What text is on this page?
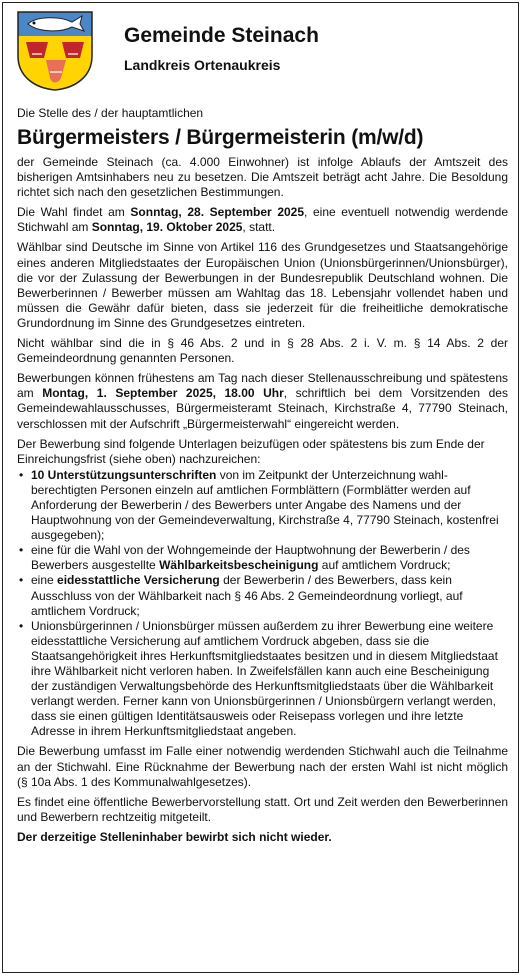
Gemeinde Steinach
Landkreis Ortenaukreis

Die Stelle des / der hauptamtlichen

Bürgermeisters / Bürgermeisterin (m/w/d)

der Gemeinde Steinach (ca. 4.000 Einwohner) ist infolge Ablaufs der Amtszeit des bisherigen Amtsinhabers neu zu besetzen. Die Amtszeit beträgt acht Jahre. Die Besoldung richtet sich nach den gesetzlichen Bestimmungen.

Die Wahl findet am Sonntag, 28. September 2025, eine eventuell notwendig werdende Stichwahl am Sonntag, 19. Oktober 2025, statt.

Wählbar sind Deutsche im Sinne von Artikel 116 des Grundgesetzes und Staatsangehörige eines anderen Mitgliedstaates der Europäischen Union (Unionsbürgerinnen/Unionsbürger), die vor der Zulassung der Bewerbungen in der Bundesrepublik Deutschland wohnen. Die Bewerberinnen / Bewerber müssen am Wahltag das 18. Lebensjahr vollendet haben und müssen die Gewähr dafür bieten, dass sie jederzeit für die freiheitliche demokratische Grundordnung im Sinne des Grundgesetzes eintreten.

Nicht wählbar sind die in § 46 Abs. 2 und in § 28 Abs. 2 i. V. m. § 14 Abs. 2 der Gemeindeordnung genannten Personen.

Bewerbungen können frühestens am Tag nach dieser Stellenausschreibung und spätestens am Montag, 1. September 2025, 18.00 Uhr, schriftlich bei dem Vorsitzenden des Gemeindewahlausschusses, Bürgermeisteramt Steinach, Kirchstraße 4, 77790 Steinach, verschlossen mit der Aufschrift „Bürgermeisterwahl“ eingereicht werden.

Der Bewerbung sind folgende Unterlagen beizufügen oder spätestens bis zum Ende der Einreichungsfrist (siehe oben) nachzureichen:

• 10 Unterstützungsunterschriften von im Zeitpunkt der Unterzeichnung wahlberechtigten Personen einzeln auf amtlichen Formblättern (Formblätter werden auf Anforderung der Bewerberin / des Bewerbers unter Angabe des Namens und der Hauptwohnung von der Gemeindeverwaltung, Kirchstraße 4, 77790 Steinach, kostenfrei ausgegeben);
• eine für die Wahl von der Wohngemeinde der Hauptwohnung der Bewerberin / des Bewerbers ausgestellte Wählbarkeitsbescheinigung auf amtlichem Vordruck;
• eine eidesstattliche Versicherung der Bewerberin / des Bewerbers, dass kein Ausschluss von der Wählbarkeit nach § 46 Abs. 2 Gemeindeordnung vorliegt, auf amtlichem Vordruck;
• Unionsbürgerinnen / Unionsbürger müssen außerdem zu ihrer Bewerbung eine weitere eidesstattliche Versicherung auf amtlichem Vordruck abgeben, dass sie die Staatsangehörigkeit ihres Herkunftsmitgliedstaates besitzen und in diesem Mitgliedstaat ihre Wählbarkeit nicht verloren haben. In Zweifelsfällen kann auch eine Bescheinigung der zuständigen Verwaltungsbehörde des Herkunftsmitgliedstaats über die Wählbarkeit verlangt werden. Ferner kann von Unionsbürgerinnen / Unionsbürgern verlangt werden, dass sie einen gültigen Identitätsausweis oder Reisepass vorlegen und ihre letzte Adresse in ihrem Herkunftsmitgliedstaat angeben.

Die Bewerbung umfasst im Falle einer notwendig werdenden Stichwahl auch die Teilnahme an der Stichwahl. Eine Rücknahme der Bewerbung nach der ersten Wahl ist nicht möglich (§ 10a Abs. 1 des Kommunalwahlgesetzes).

Es findet eine öffentliche Bewerbervorstellung statt. Ort und Zeit werden den Bewerberinnen und Bewerbern rechtzeitig mitgeteilt.

Der derzeitige Stelleninhaber bewirbt sich nicht wieder.
